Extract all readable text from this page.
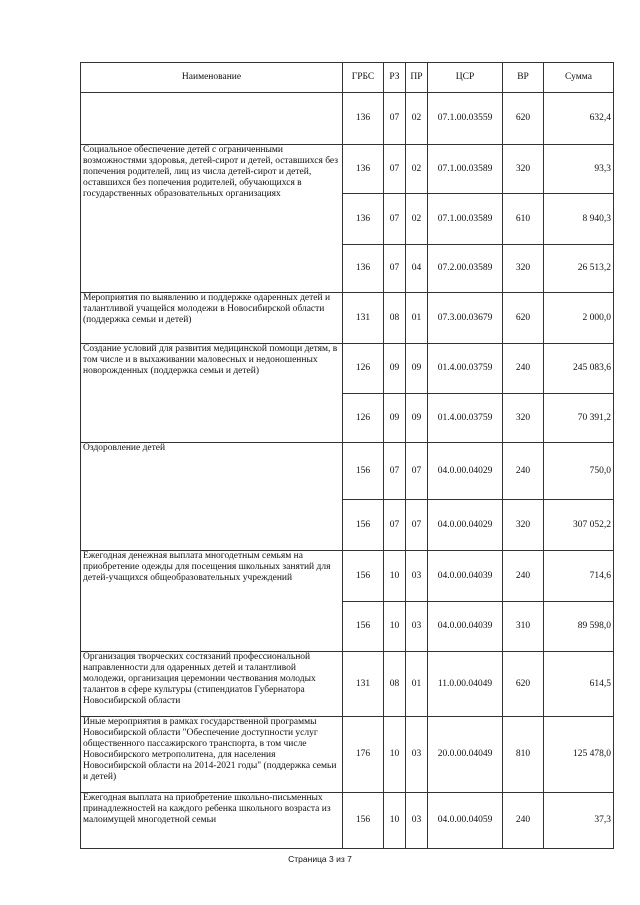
Наименование	ГРБС	РЗ	ПР	ЦСР	ВР	Сумма
	136	07	02	07.1.00.03559	620	632,4
Социальное обеспечение детей с ограниченными возможностями здоровья, детей-сирот и детей, оставшихся без попечения родителей, лиц из числа детей-сирот и детей, оставшихся без попечения родителей, обучающихся в государственных образовательных организациях	136	07	02	07.1.00.03589	320	93,3
	136	07	02	07.1.00.03589	610	8 940,3
	136	07	04	07.2.00.03589	320	26 513,2
Мероприятия по выявлению и поддержке одаренных детей и талантливой учащейся молодежи в Новосибирской области (поддержка семьи и детей)	131	08	01	07.3.00.03679	620	2 000,0
Создание условий для развития медицинской помощи детям, в том числе и в выхаживании маловесных и недоношенных новорожденных (поддержка семьи и детей)	126	09	09	01.4.00.03759	240	245 083,6
	126	09	09	01.4.00.03759	320	70 391,2
Оздоровление детей	156	07	07	04.0.00.04029	240	750,0
	156	07	07	04.0.00.04029	320	307 052,2
Ежегодная денежная выплата многодетным семьям на приобретение одежды для посещения школьных занятий для детей-учащихся общеобразовательных учреждений	156	10	03	04.0.00.04039	240	714,6
	156	10	03	04.0.00.04039	310	89 598,0
Организация творческих состязаний профессиональной направленности для одаренных детей и талантливой молодежи, организация церемонии чествования молодых талантов в сфере культуры (стипендиатов Губернатора Новосибирской области	131	08	01	11.0.00.04049	620	614,5
Иные мероприятия в рамках государственной программы Новосибирской области "Обеспечение доступности услуг общественного пассажирского транспорта, в том числе Новосибирского метрополитена, для населения Новосибирской области на 2014-2021 годы" (поддержка семьи и детей)	176	10	03	20.0.00.04049	810	125 478,0
Ежегодная выплата на приобретение школьно-письменных принадлежностей на каждого ребенка школьного возраста из малоимущей многодетной семьи	156	10	03	04.0.00.04059	240	37,3
Страница 3 из 7
